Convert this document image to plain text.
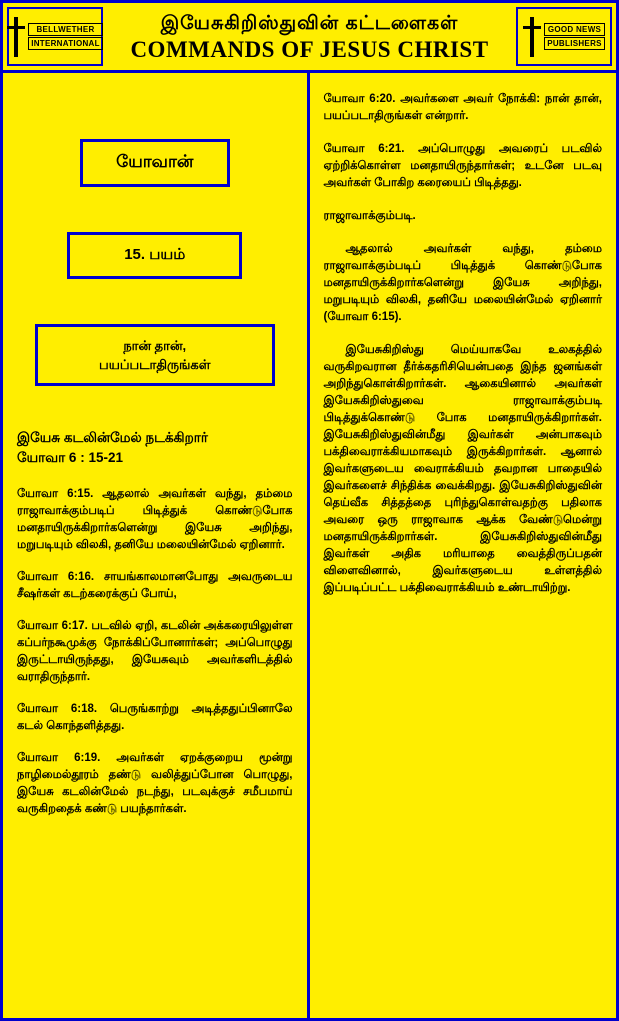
BELLWETHER
INTERNATIONAL
இயேசுகிறிஸ்துவின் கட்டளைகள்
COMMANDS OF JESUS CHRIST
GOOD NEWS
PUBLISHERS
யோவான்
15. பயம்
நான் தான்,
பயப்படாதிருங்கள்
இயேசு கடலின்மேல் நடக்கிறார்
யோவா 6 : 15-21

யோவா 6:15. ஆதலால் அவர்கள் வந்து, தம்மை ராஜாவாக்கும்படிப் பிடித்துக் கொண்டுபோக மனதாயிருக்கிறார்களென்று இயேசு அறிந்து, மறுபடியும் விலகி, தனியே மலையின்மேல் ஏறினார்.

யோவா 6:16. சாயங்காலமானபோது அவருடைய சீஷர்கள் கடற்கரைக்குப் போய்,

யோவா 6:17. படவில் ஏறி, கடலின் அக்கரையிலுள்ள கப்பர்நகூமுக்கு நோக்கிப்போனார்கள்; அப்பொழுது இருட்டாயிருந்தது, இயேசுவும் அவர்களிடத்தில் வராதிருந்தார்.

யோவா 6:18. பெருங்காற்று அடித்ததுப்பினாலே கடல் கொந்தளித்தது.

யோவா 6:19. அவர்கள் ஏறக்குறைய மூன்று நாழிமைல்தூரம் தண்டு வலித்துப்போன பொழுது, இயேசு கடலின்மேல் நடந்து, படவுக்குச் சமீபமாய் வருகிறதைக் கண்டு பயந்தார்கள்.

யோவா 6:20. அவர்களை அவர் நோக்கி: நான் தான், பயப்படாதிருங்கள் என்றார்.

யோவா 6:21. அப்பொழுது அவரைப் படவில் ஏற்றிக்கொள்ள மனதாயிருந்தார்கள்; உடனே படவு அவர்கள் போகிற கரையைப் பிடித்தது.

ராஜாவாக்கும்படி.

ஆதலால் அவர்கள் வந்து, தம்மை ராஜாவாக்கும்படிப் பிடித்துக் கொண்டுபோக மனதாயிருக்கிறார்களென்று இயேசு அறிந்து, மறுபடியும் விலகி, தனியே மலையின்மேல் ஏறினார் (யோவா 6:15).

இயேசுகிறிஸ்து மெய்யாகவே உலகத்தில் வருகிறவரான தீர்க்கதரிசியென்பதை இந்த ஜனங்கள் அறிந்துகொள்கிறார்கள். ஆகையினால் அவர்கள் இயேசுகிறிஸ்துவை ராஜாவாக்கும்படி பிடித்துக்கொண்டு போக மனதாயிருக்கிறார்கள். இயேசுகிறிஸ்துவின்மீது இவர்கள் அன்பாகவும் பக்திவைராக்கியமாகவும் இருக்கிறார்கள். ஆனால் இவர்களுடைய வைராக்கியம் தவறான பாதையில் இவர்களைச் சிந்திக்க வைக்கிறது. இயேசுகிறிஸ்துவின் தெய்வீக சித்தத்தை புரிந்துகொள்வதற்கு பதிலாக அவரை ஒரு ராஜாவாக ஆக்க வேண்டுமென்று மனதாயிருக்கிறார்கள். இயேசுகிறிஸ்துவின்மீது இவர்கள் அதிக மரியாதை வைத்திருப்பதன் விளைவினால், இவர்களுடைய உள்ளத்தில் இப்படிப்பட்ட பக்திவைராக்கியம் உண்டாயிற்று.
